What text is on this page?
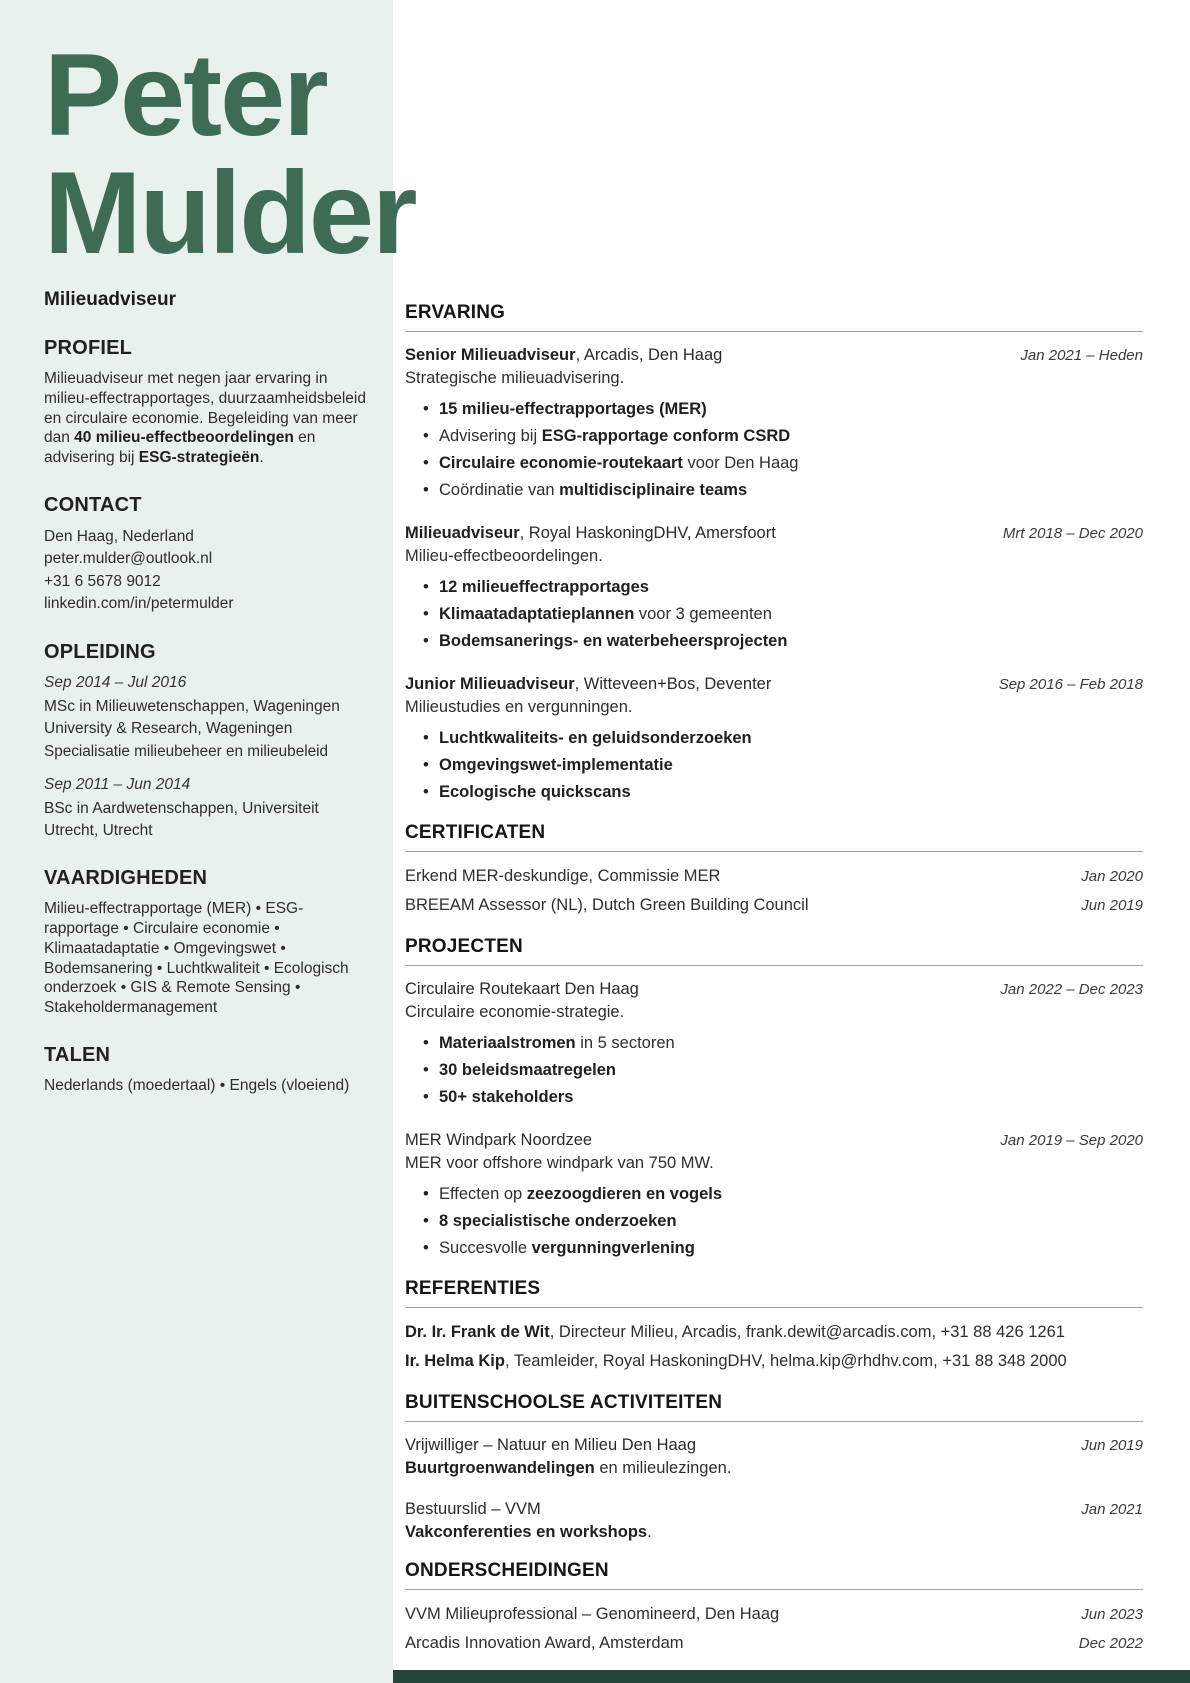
Peter
Mulder
Milieuadviseur
PROFIEL

Milieuadviseur met negen jaar ervaring in milieu-effectrapportages, duurzaamheidsbeleid en circulaire economie. Begeleiding van meer dan 40 milieu-effectbeoordelingen en advisering bij ESG-strategieën.

CONTACT
Den Haag, Nederland
peter.mulder@outlook.nl
+31 6 5678 9012
linkedin.com/in/petermulder
OPLEIDING
Sep 2014 – Jul 2016
MSc in Milieuwetenschappen, Wageningen University & Research, Wageningen
Specialisatie milieubeheer en milieubeleid
Sep 2011 – Jun 2014
BSc in Aardwetenschappen, Universiteit Utrecht, Utrecht
VAARDIGHEDEN

Milieu-effectrapportage (MER) • ESG-rapportage • Circulaire economie • Klimaatadaptatie • Omgevingswet • Bodemsanering • Luchtkwaliteit • Ecologisch onderzoek • GIS & Remote Sensing • Stakeholdermanagement

TALEN

Nederlands (moedertaal) • Engels (vloeiend)

ERVARING
Senior Milieuadviseur, Arcadis, Den Haag	Jan 2021 – Heden
Strategische milieuadvisering.
• 15 milieu-effectrapportages (MER)
• Advisering bij ESG-rapportage conform CSRD
• Circulaire economie-routekaart voor Den Haag
• Coördinatie van multidisciplinaire teams
Milieuadviseur, Royal HaskoningDHV, Amersfoort	Mrt 2018 – Dec 2020
Milieu-effectbeoordelingen.
• 12 milieueffectrapportages
• Klimaatadaptatieplannen voor 3 gemeenten
• Bodemsanerings- en waterbeheersprojecten
Junior Milieuadviseur, Witteveen+Bos, Deventer	Sep 2016 – Feb 2018
Milieustudies en vergunningen.
• Luchtkwaliteits- en geluidsonderzoeken
• Omgevingswet-implementatie
• Ecologische quickscans
CERTIFICATEN
Erkend MER-deskundige, Commissie MER	Jan 2020
BREEAM Assessor (NL), Dutch Green Building Council	Jun 2019
PROJECTEN
Circulaire Routekaart Den Haag	Jan 2022 – Dec 2023
Circulaire economie-strategie.
• Materiaalstromen in 5 sectoren
• 30 beleidsmaatregelen
• 50+ stakeholders
MER Windpark Noordzee	Jan 2019 – Sep 2020
MER voor offshore windpark van 750 MW.
• Effecten op zeezoogdieren en vogels
• 8 specialistische onderzoeken
• Succesvolle vergunningverlening
REFERENTIES
Dr. Ir. Frank de Wit, Directeur Milieu, Arcadis, frank.dewit@arcadis.com, +31 88 426 1261
Ir. Helma Kip, Teamleider, Royal HaskoningDHV, helma.kip@rhdhv.com, +31 88 348 2000
BUITENSCHOOLSE ACTIVITEITEN
Vrijwilliger – Natuur en Milieu Den Haag	Jun 2019
Buurtgroenwandelingen en milieulezingen.
Bestuurslid – VVM	Jan 2021
Vakconferenties en workshops.
ONDERSCHEIDINGEN
VVM Milieuprofessional – Genomineerd, Den Haag	Jun 2023
Arcadis Innovation Award, Amsterdam	Dec 2022
